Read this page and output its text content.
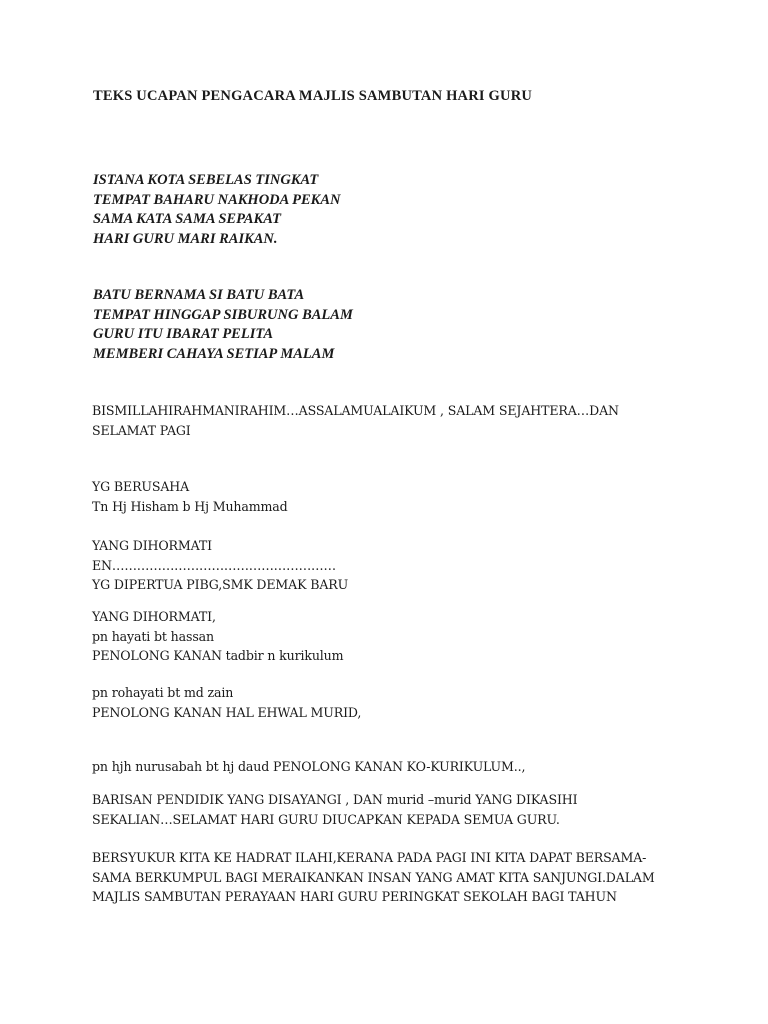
TEKS UCAPAN PENGACARA MAJLIS SAMBUTAN HARI GURU
ISTANA KOTA SEBELAS TINGKAT
TEMPAT BAHARU NAKHODA PEKAN
SAMA KATA SAMA SEPAKAT
HARI GURU MARI RAIKAN.
BATU BERNAMA SI BATU BATA
TEMPAT HINGGAP SIBURUNG BALAM
GURU ITU IBARAT PELITA
MEMBERI CAHAYA SETIAP MALAM
BISMILLAHIRAHMANIRAHIM…ASSALAMUALAIKUM , SALAM SEJAHTERA…DAN
SELAMAT PAGI
YG BERUSAHA
Tn Hj Hisham b Hj Muhammad
YANG DIHORMATI
EN………………………………………………
YG DIPERTUA PIBG,SMK DEMAK BARU
YANG DIHORMATI,
pn hayati bt hassan
PENOLONG KANAN tadbir n kurikulum
pn rohayati bt md zain
PENOLONG KANAN HAL EHWAL MURID,
pn hjh nurusabah bt hj daud PENOLONG KANAN KO-KURIKULUM..,
BARISAN PENDIDIK YANG DISAYANGI , DAN murid –murid YANG DIKASIHI
SEKALIAN…SELAMAT HARI GURU DIUCAPKAN KEPADA SEMUA GURU.
BERSYUKUR KITA KE HADRAT ILAHI,KERANA PADA PAGI INI KITA DAPAT BERSAMA-
SAMA BERKUMPUL BAGI MERAIKANKAN INSAN YANG AMAT KITA SANJUNGI.DALAM
MAJLIS SAMBUTAN PERAYAAN HARI GURU PERINGKAT SEKOLAH BAGI TAHUN
